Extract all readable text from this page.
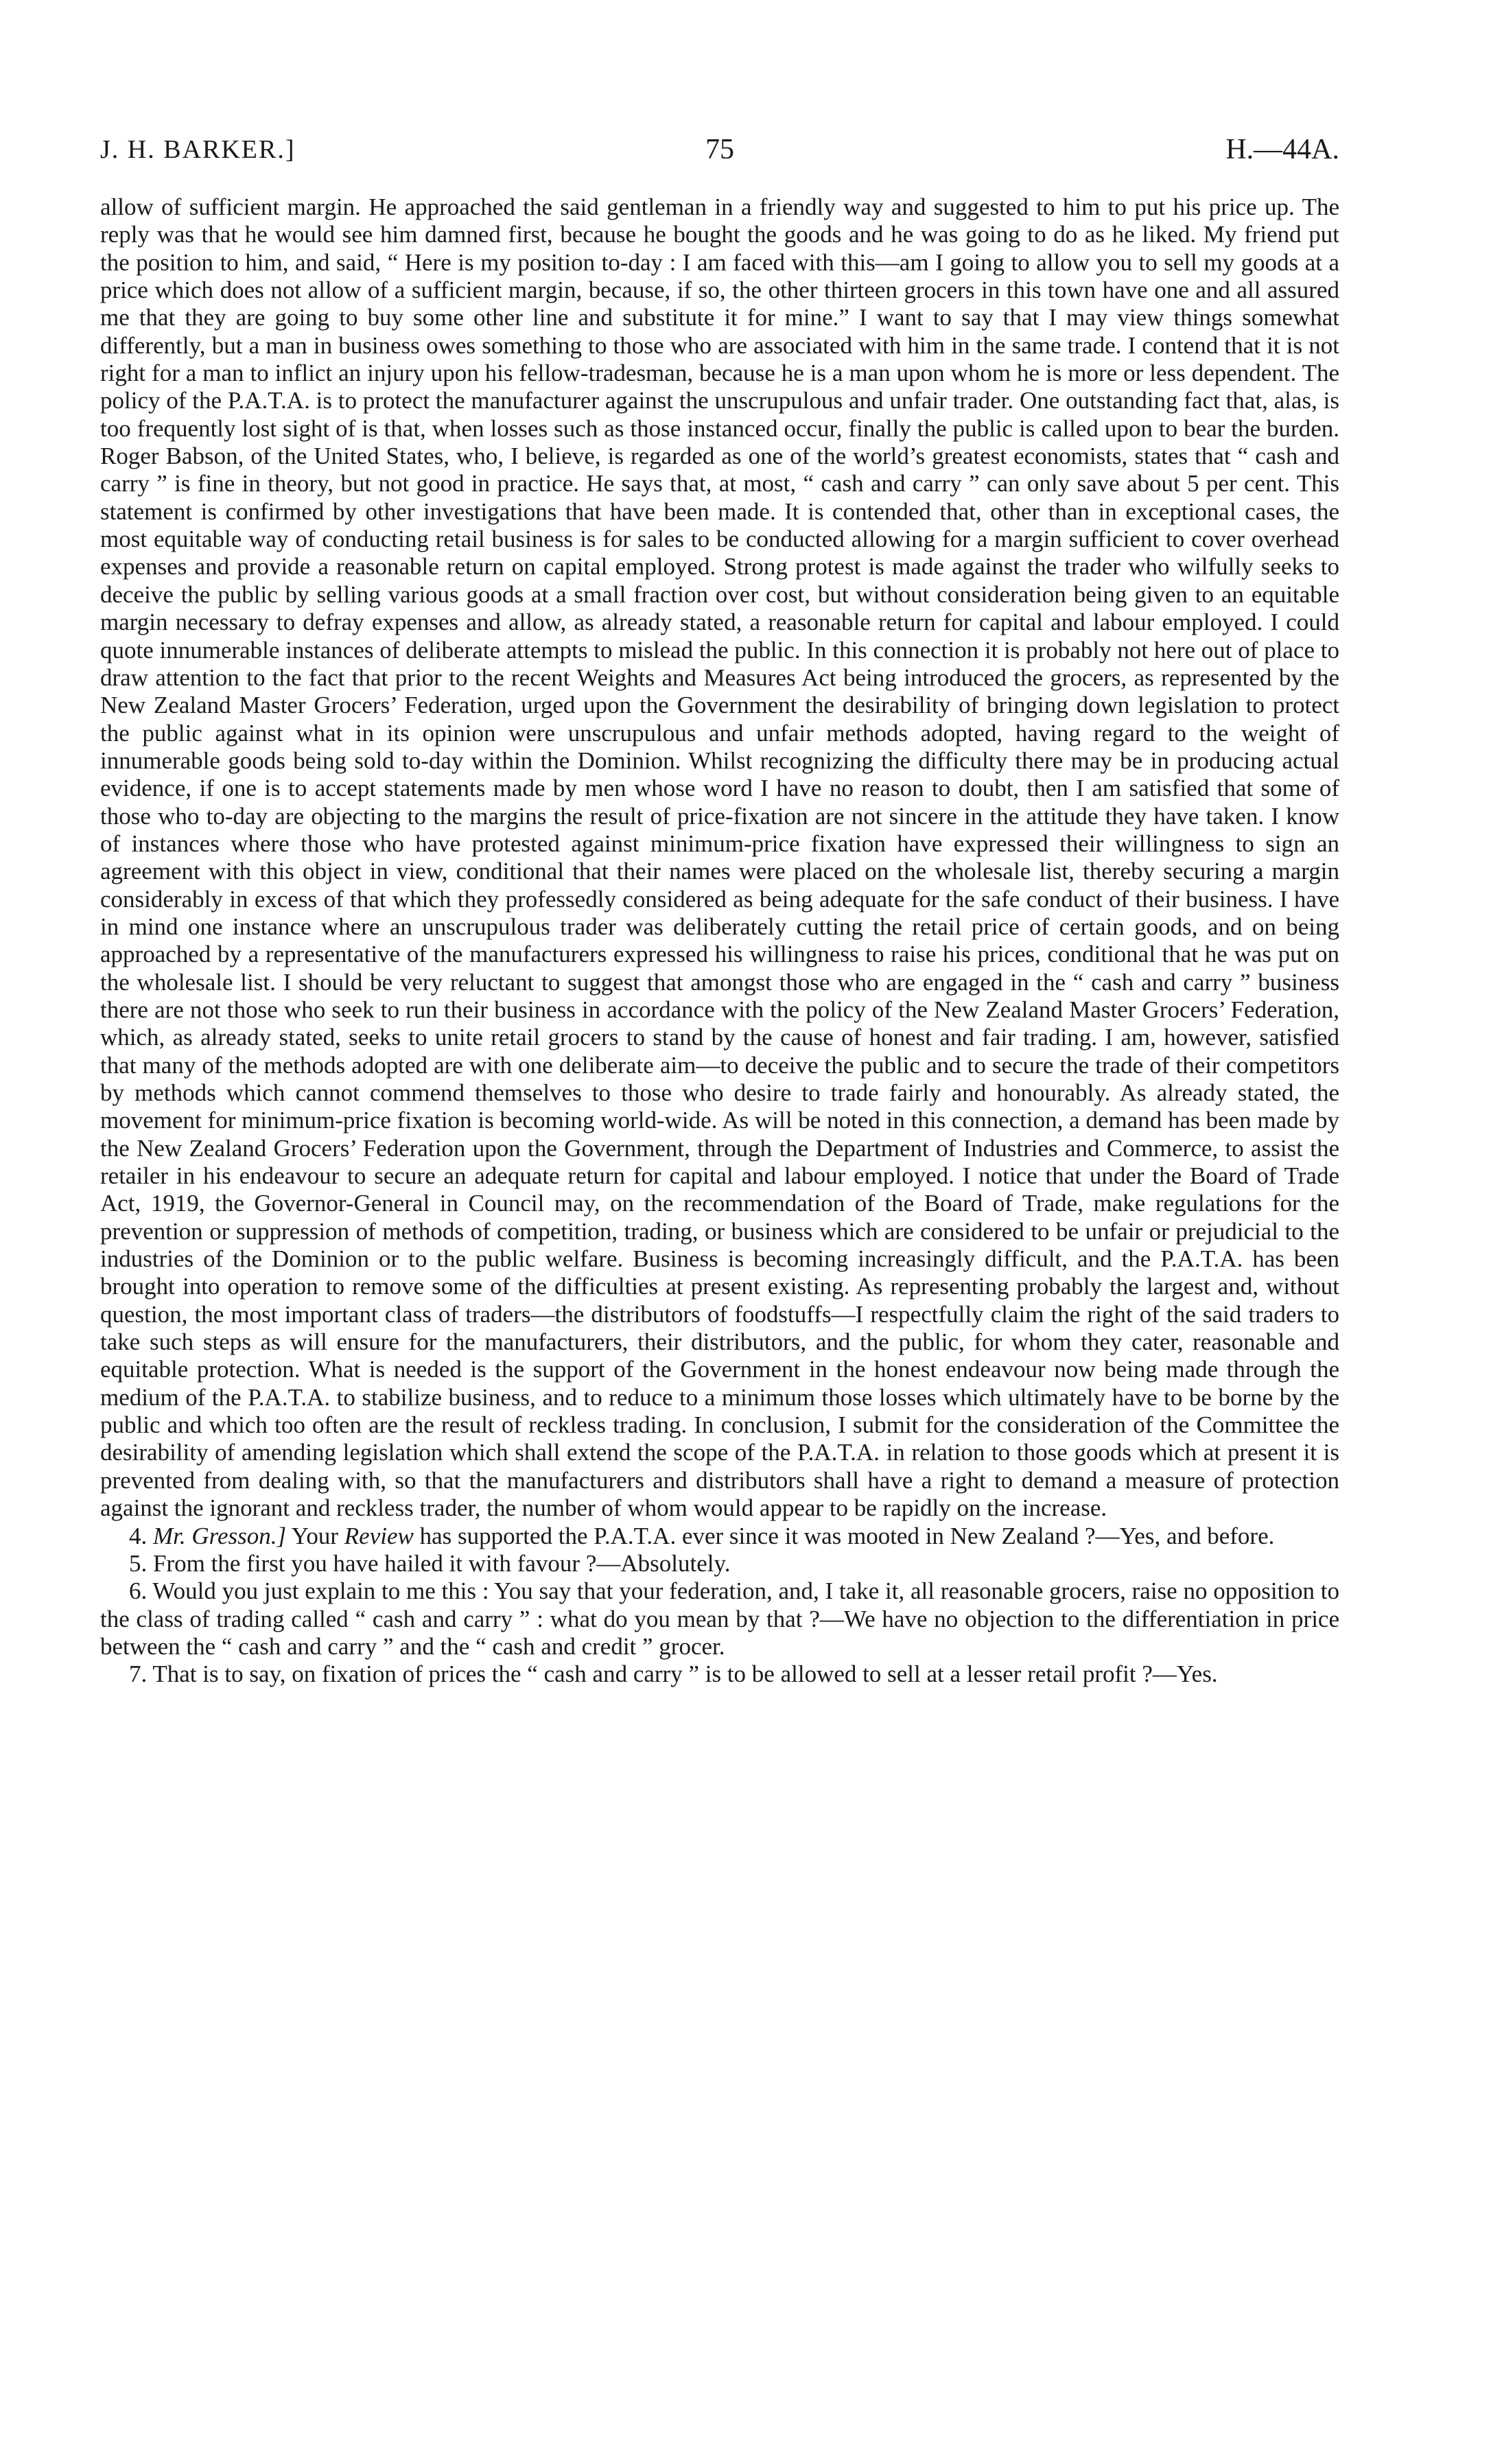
J. H. BARKER.]	75	H.—44A.

allow of sufficient margin. He approached the said gentleman in a friendly way and suggested to him to put his price up. The reply was that he would see him damned first, because he bought the goods and he was going to do as he liked. My friend put the position to him, and said, “ Here is my position to-day : I am faced with this—am I going to allow you to sell my goods at a price which does not allow of a sufficient margin, because, if so, the other thirteen grocers in this town have one and all assured me that they are going to buy some other line and substitute it for mine.” I want to say that I may view things somewhat differently, but a man in business owes something to those who are associated with him in the same trade. I contend that it is not right for a man to inflict an injury upon his fellow-tradesman, because he is a man upon whom he is more or less dependent. The policy of the P.A.T.A. is to protect the manufacturer against the unscrupulous and unfair trader. One outstanding fact that, alas, is too frequently lost sight of is that, when losses such as those instanced occur, finally the public is called upon to bear the burden. Roger Babson, of the United States, who, I believe, is regarded as one of the world’s greatest economists, states that “ cash and carry ” is fine in theory, but not good in practice. He says that, at most, “ cash and carry ” can only save about 5 per cent. This statement is confirmed by other investigations that have been made. It is contended that, other than in exceptional cases, the most equitable way of conducting retail business is for sales to be conducted allowing for a margin sufficient to cover overhead expenses and provide a reasonable return on capital employed. Strong protest is made against the trader who wilfully seeks to deceive the public by selling various goods at a small fraction over cost, but without consideration being given to an equitable margin necessary to defray expenses and allow, as already stated, a reasonable return for capital and labour employed. I could quote innumerable instances of deliberate attempts to mislead the public. In this connection it is probably not here out of place to draw attention to the fact that prior to the recent Weights and Measures Act being introduced the grocers, as represented by the New Zealand Master Grocers’ Federation, urged upon the Government the desirability of bringing down legislation to protect the public against what in its opinion were unscrupulous and unfair methods adopted, having regard to the weight of innumerable goods being sold to-day within the Dominion. Whilst recognizing the difficulty there may be in producing actual evidence, if one is to accept statements made by men whose word I have no reason to doubt, then I am satisfied that some of those who to-day are objecting to the margins the result of price-fixation are not sincere in the attitude they have taken. I know of instances where those who have protested against minimum-price fixation have expressed their willingness to sign an agreement with this object in view, conditional that their names were placed on the wholesale list, thereby securing a margin considerably in excess of that which they professedly considered as being adequate for the safe conduct of their business. I have in mind one instance where an unscrupulous trader was deliberately cutting the retail price of certain goods, and on being approached by a representative of the manufacturers expressed his willingness to raise his prices, conditional that he was put on the wholesale list. I should be very reluctant to suggest that amongst those who are engaged in the “ cash and carry ” business there are not those who seek to run their business in accordance with the policy of the New Zealand Master Grocers’ Federation, which, as already stated, seeks to unite retail grocers to stand by the cause of honest and fair trading. I am, however, satisfied that many of the methods adopted are with one deliberate aim—to deceive the public and to secure the trade of their competitors by methods which cannot commend themselves to those who desire to trade fairly and honourably. As already stated, the movement for minimum-price fixation is becoming world-wide. As will be noted in this connection, a demand has been made by the New Zealand Grocers’ Federation upon the Government, through the Department of Industries and Commerce, to assist the retailer in his endeavour to secure an adequate return for capital and labour employed. I notice that under the Board of Trade Act, 1919, the Governor-General in Council may, on the recommendation of the Board of Trade, make regulations for the prevention or suppression of methods of competition, trading, or business which are considered to be unfair or prejudicial to the industries of the Dominion or to the public welfare. Business is becoming increasingly difficult, and the P.A.T.A. has been brought into operation to remove some of the difficulties at present existing. As representing probably the largest and, without question, the most important class of traders—the distributors of foodstuffs—I respectfully claim the right of the said traders to take such steps as will ensure for the manufacturers, their distributors, and the public, for whom they cater, reasonable and equitable protection. What is needed is the support of the Government in the honest endeavour now being made through the medium of the P.A.T.A. to stabilize business, and to reduce to a minimum those losses which ultimately have to be borne by the public and which too often are the result of reckless trading. In conclusion, I submit for the consideration of the Committee the desirability of amending legislation which shall extend the scope of the P.A.T.A. in relation to those goods which at present it is prevented from dealing with, so that the manufacturers and distributors shall have a right to demand a measure of protection against the ignorant and reckless trader, the number of whom would appear to be rapidly on the increase.

4. Mr. Gresson.] Your Review has supported the P.A.T.A. ever since it was mooted in New Zealand ?—Yes, and before.

5. From the first you have hailed it with favour ?—Absolutely.

6. Would you just explain to me this : You say that your federation, and, I take it, all reasonable grocers, raise no opposition to the class of trading called “ cash and carry ” : what do you mean by that ?—We have no objection to the differentiation in price between the “ cash and carry ” and the “ cash and credit ” grocer.

7. That is to say, on fixation of prices the “ cash and carry ” is to be allowed to sell at a lesser retail profit ?—Yes.
